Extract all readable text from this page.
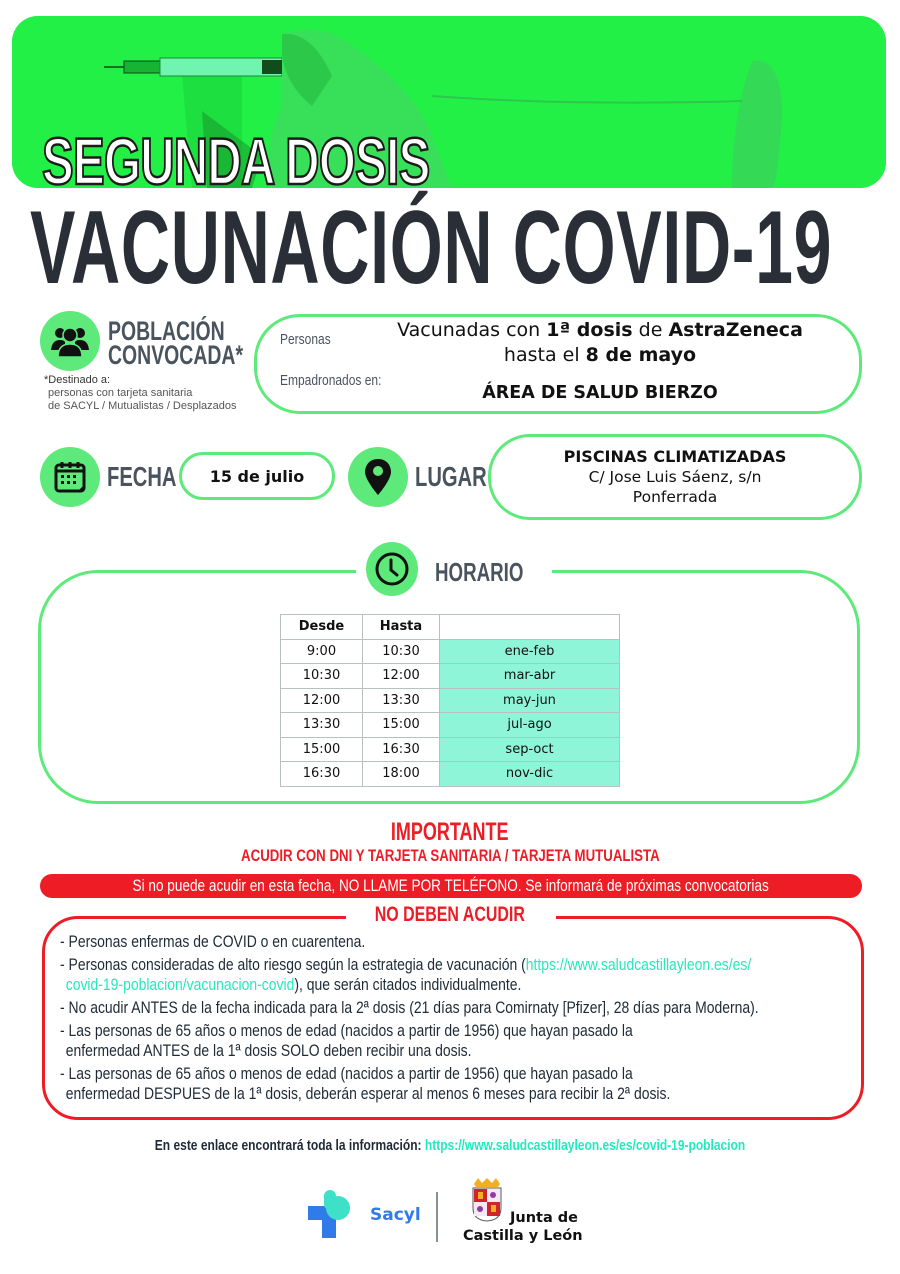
SEGUNDA DOSIS
VACUNACIÓN COVID-19
POBLACIÓN
CONVOCADA*
*Destinado a:
personas con tarjeta sanitaria
de SACYL / Mutualistas / Desplazados
Personas
Empadronados en:
Vacunadas con 1ª dosis de AstraZeneca
hasta el 8 de mayo
ÁREA DE SALUD BIERZO
FECHA	15 de julio	LUGAR
PISCINAS CLIMATIZADAS
C/ Jose Luis Sáenz, s/n
Ponferrada
HORARIO
Desde	Hasta	
9:00	10:30	ene-feb
10:30	12:00	mar-abr
12:00	13:30	may-jun
13:30	15:00	jul-ago
15:00	16:30	sep-oct
16:30	18:00	nov-dic
IMPORTANTE
ACUDIR CON DNI Y TARJETA SANITARIA / TARJETA MUTUALISTA
Si no puede acudir en esta fecha, NO LLAME POR TELÉFONO. Se informará de próximas convocatorias
NO DEBEN ACUDIR
- Personas enfermas de COVID o en cuarentena.
- Personas consideradas de alto riesgo según la estrategia de vacunación (https://www.saludcastillayleon.es/es/
covid-19-poblacion/vacunacion-covid), que serán citados individualmente.
- No acudir ANTES de la fecha indicada para la 2ª dosis (21 días para Comirnaty [Pfizer], 28 días para Moderna).
- Las personas de 65 años o menos de edad (nacidos a partir de 1956) que hayan pasado la
enfermedad ANTES de la 1ª dosis SOLO deben recibir una dosis.
- Las personas de 65 años o menos de edad (nacidos a partir de 1956) que hayan pasado la
enfermedad DESPUES de la 1ª dosis, deberán esperar al menos 6 meses para recibir la 2ª dosis.
En este enlace encontrará toda la información: https://www.saludcastillayleon.es/es/covid-19-poblacion
Sacyl	Junta de
Castilla y León
